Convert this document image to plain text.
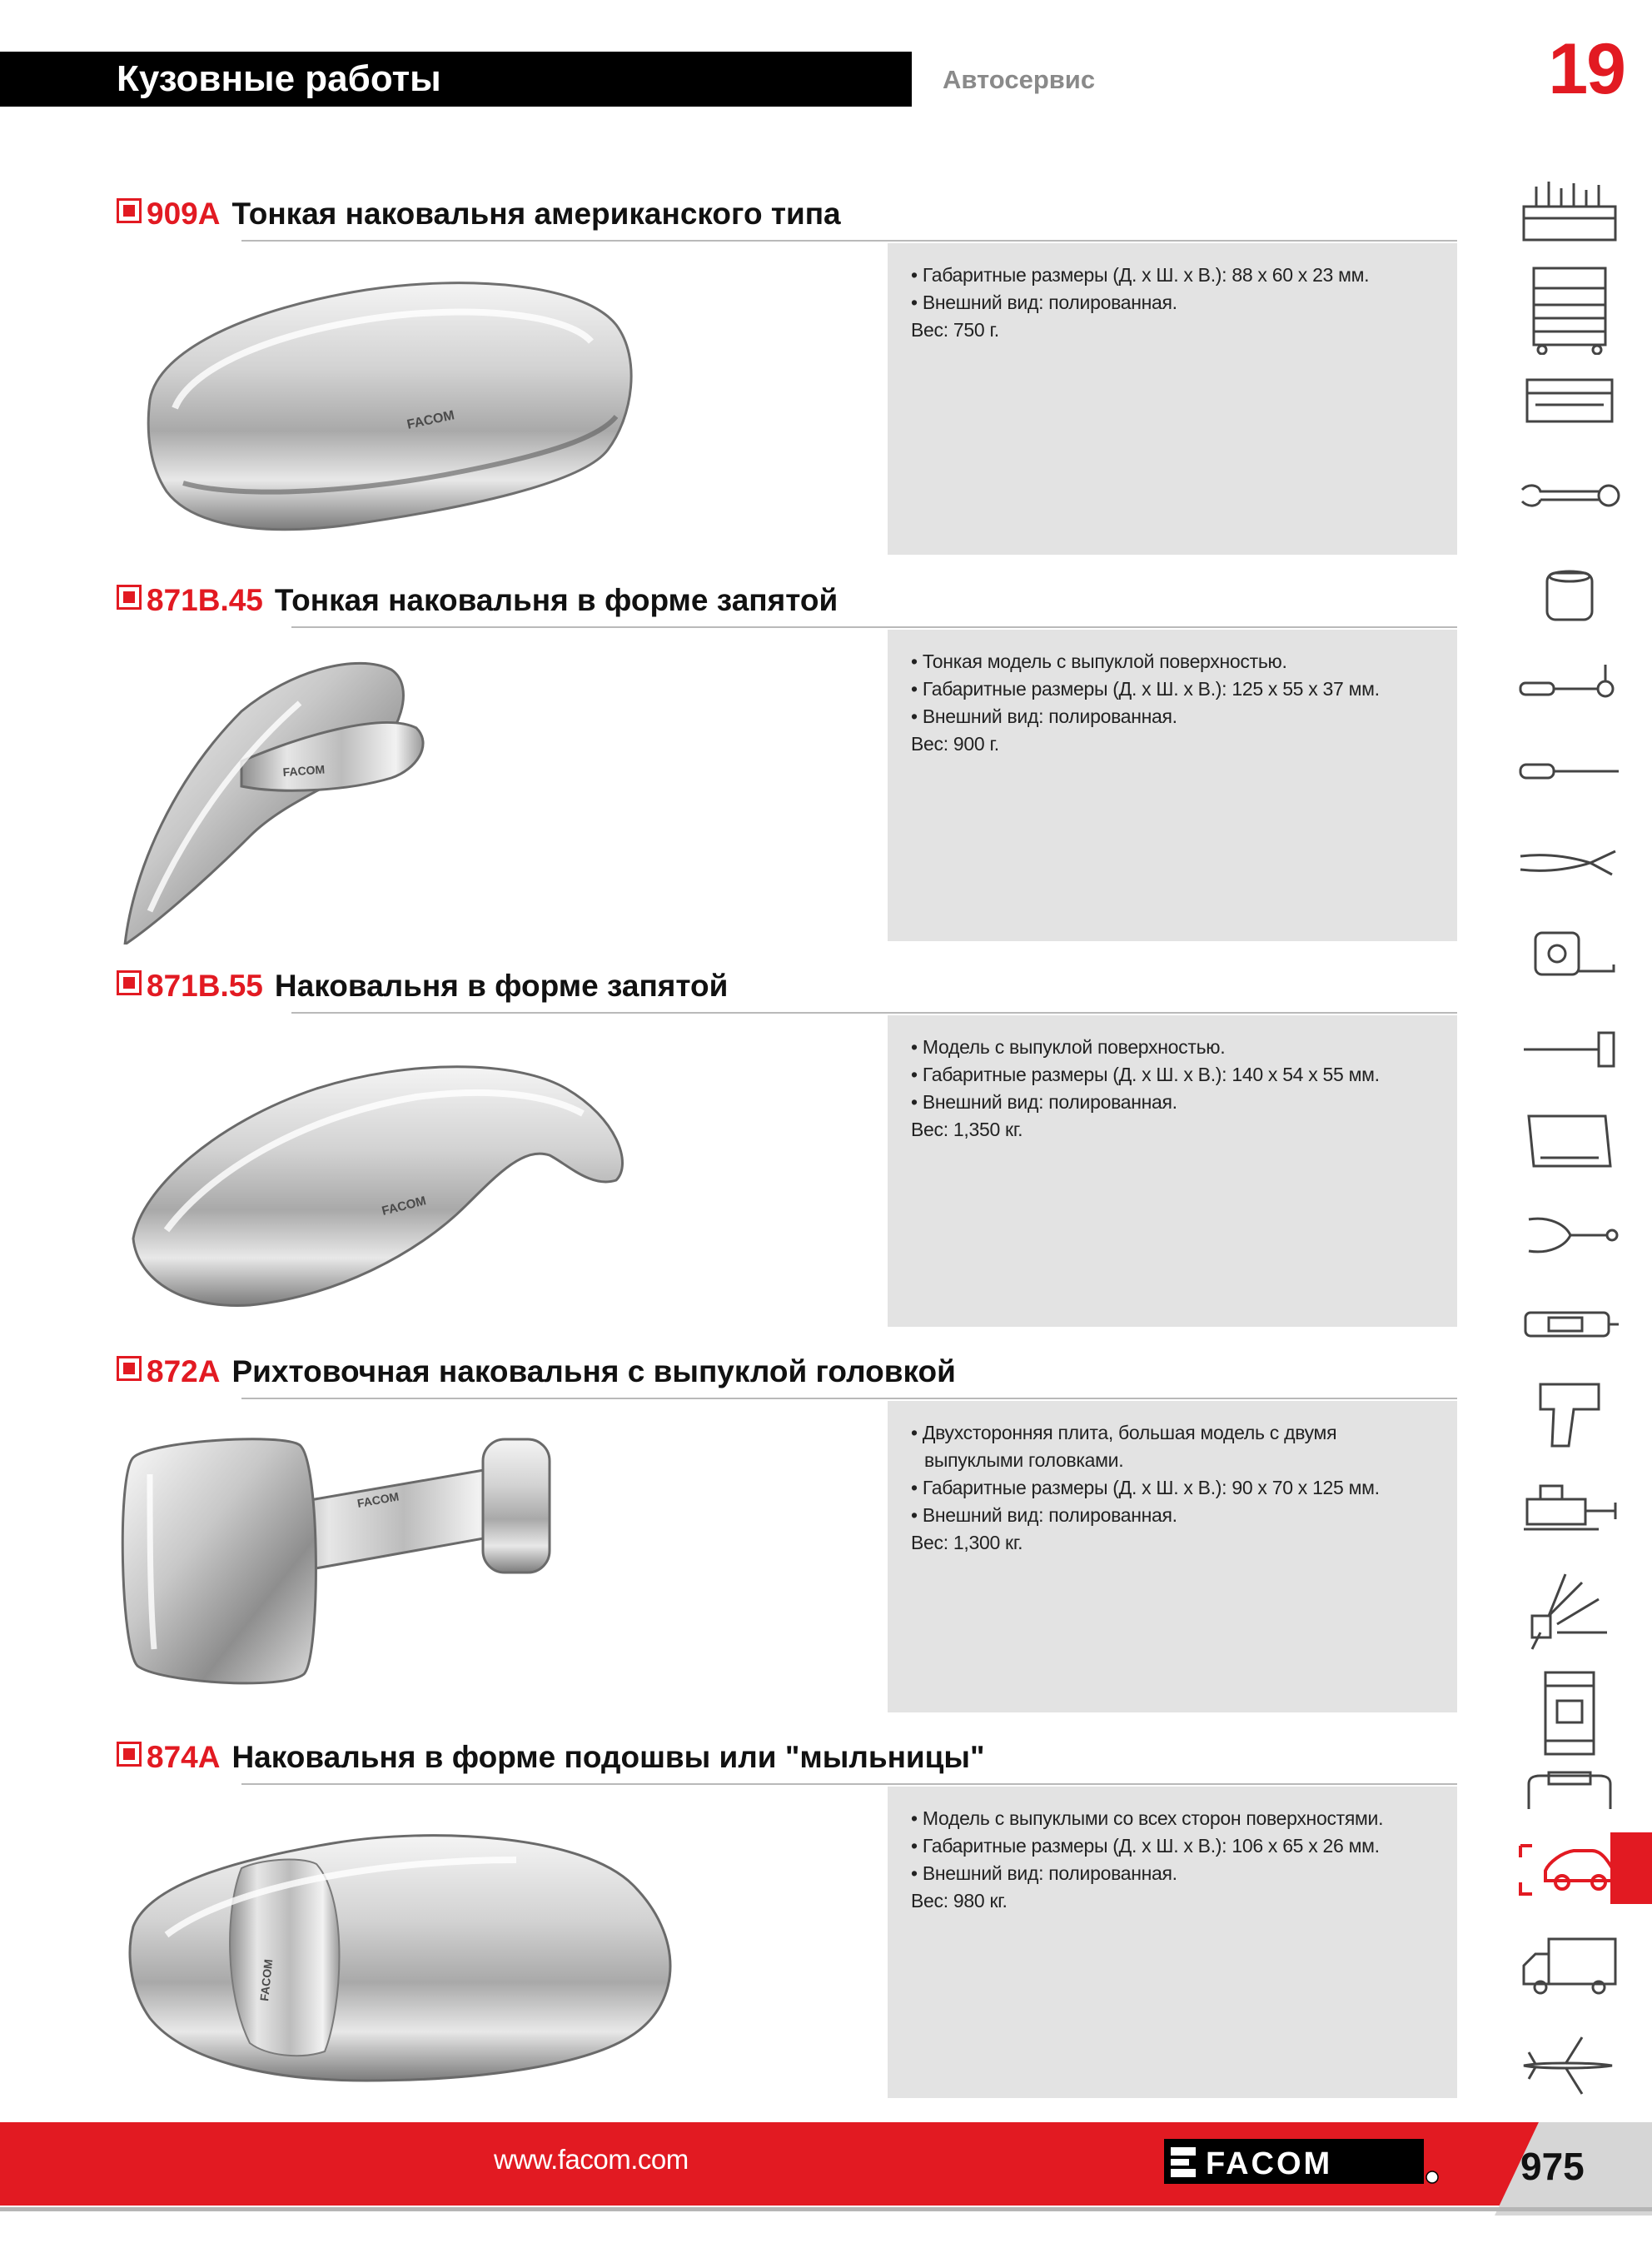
Кузовные работы	Автосервис	19
909A Тонкая наковальня американского типа
FACOM
• Габаритные размеры (Д. х Ш. х В.): 88 х 60 х 23 мм.
• Внешний вид: полированная.
Вес: 750 г.
871B.45 Тонкая наковальня в форме запятой
FACOM
• Тонкая модель с выпуклой поверхностью.
• Габаритные размеры (Д. х Ш. х В.): 125 х 55 х 37 мм.
• Внешний вид: полированная.
Вес: 900 г.
871B.55 Наковальня в форме запятой
FACOM
• Модель с выпуклой поверхностью.
• Габаритные размеры (Д. х Ш. х В.): 140 х 54 х 55 мм.
• Внешний вид: полированная.
Вес: 1,350 кг.
872A Рихтовочная наковальня с выпуклой головкой
FACOM
• Двухсторонняя плита, большая модель с двумя
выпуклыми головками.
• Габаритные размеры (Д. х Ш. х В.): 90 х 70 х 125 мм.
• Внешний вид: полированная.
Вес: 1,300 кг.
874A Наковальня в форме подошвы или "мыльницы"
FACOM
• Модель с выпуклыми со всех сторон поверхностями.
• Габаритные размеры (Д. х Ш. х В.): 106 х 65 х 26 мм.
• Внешний вид: полированная.
Вес: 980 кг.
www.facom.com	FACOM	975
